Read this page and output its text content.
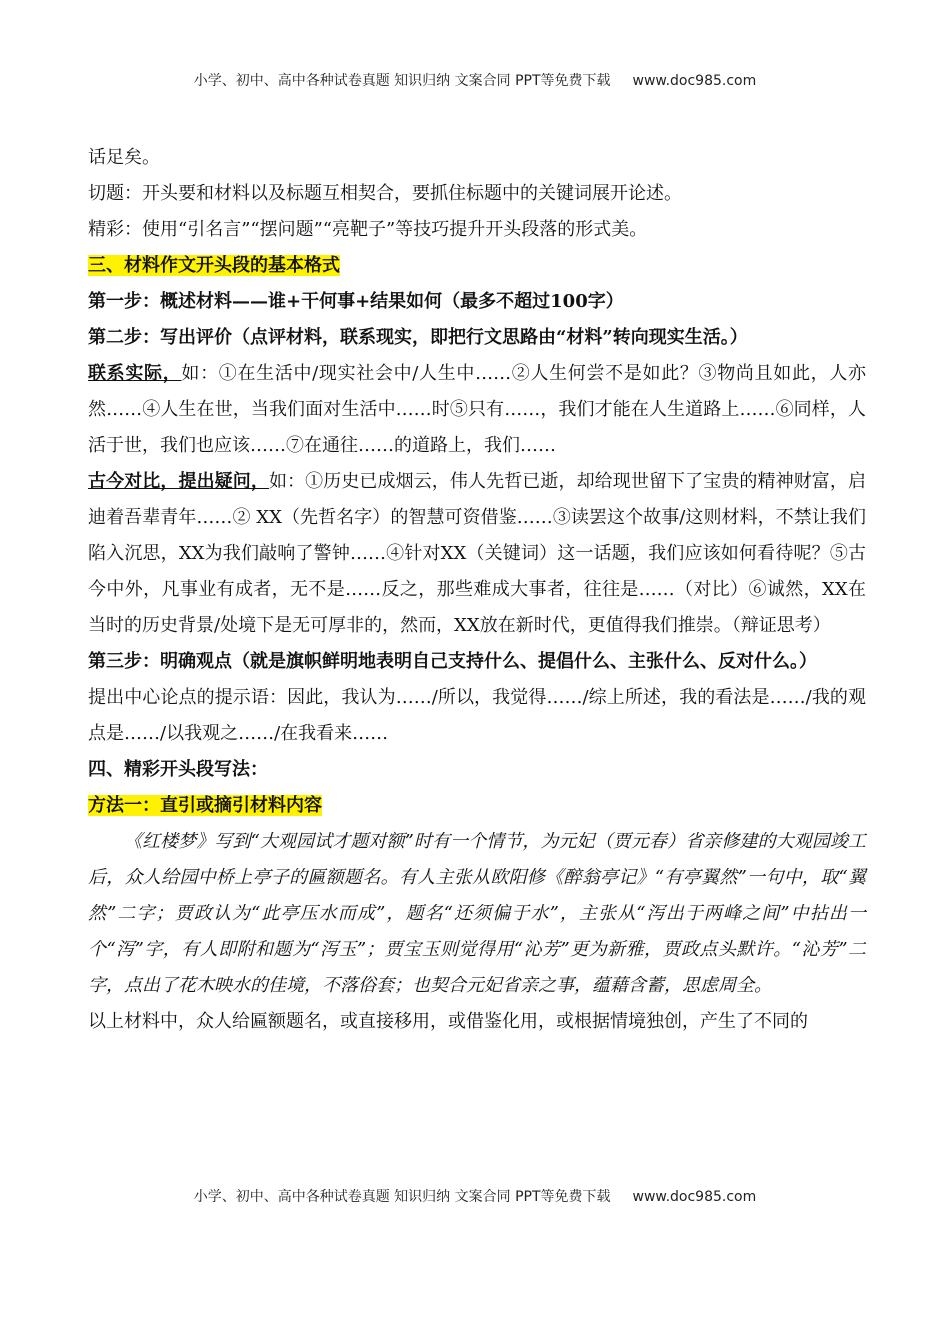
小学、初中、高中各种试卷真题 知识归纳 文案合同 PPT等免费下载 www.doc985.com

话足矣。

切题：开头要和材料以及标题互相契合，要抓住标题中的关键词展开论述。

精彩：使用“引名言”“摆问题”“亮靶子”等技巧提升开头段落的形式美。

三、材料作文开头段的基本格式

第一步：概述材料——谁+干何事+结果如何（最多不超过100字）

第二步：写出评价（点评材料，联系现实，即把行文思路由“材料”转向现实生活。）

联系实际，如：①在生活中/现实社会中/人生中……②人生何尝不是如此？③物尚且如此，人亦然……④人生在世，当我们面对生活中……时⑤只有……，我们才能在人生道路上……⑥同样，人活于世，我们也应该……⑦在通往……的道路上，我们……

古今对比，提出疑问，如：①历史已成烟云，伟人先哲已逝，却给现世留下了宝贵的精神财富，启迪着吾辈青年……② XX（先哲名字）的智慧可资借鉴……③读罢这个故事/这则材料，不禁让我们陷入沉思，XX为我们敲响了警钟……④针对XX（关键词）这一话题，我们应该如何看待呢？⑤古今中外，凡事业有成者，无不是……反之，那些难成大事者，往往是……（对比）⑥诚然，XX在当时的历史背景/处境下是无可厚非的，然而，XX放在新时代，更值得我们推崇。（辩证思考）

第三步：明确观点（就是旗帜鲜明地表明自己支持什么、提倡什么、主张什么、反对什么。）

提出中心论点的提示语：因此，我认为……/所以，我觉得……/综上所述，我的看法是……/我的观点是……/以我观之……/在我看来……

四、精彩开头段写法：

方法一：直引或摘引材料内容

《红楼梦》写到“大观园试才题对额”时有一个情节，为元妃（贾元春）省亲修建的大观园竣工后，众人给园中桥上亭子的匾额题名。有人主张从欧阳修《醉翁亭记》“有亭翼然”一句中，取“翼然”二字；贾政认为“此亭压水而成”，题名“还须偏于水”，主张从“泻出于两峰之间”中拈出一个“泻”字，有人即附和题为“泻玉”；贾宝玉则觉得用“沁芳”更为新雅，贾政点头默许。“沁芳”二字，点出了花木映水的佳境，不落俗套；也契合元妃省亲之事，蕴藉含蓄，思虑周全。

以上材料中，众人给匾额题名，或直接移用，或借鉴化用，或根据情境独创，产生了不同的

小学、初中、高中各种试卷真题 知识归纳 文案合同 PPT等免费下载 www.doc985.com
